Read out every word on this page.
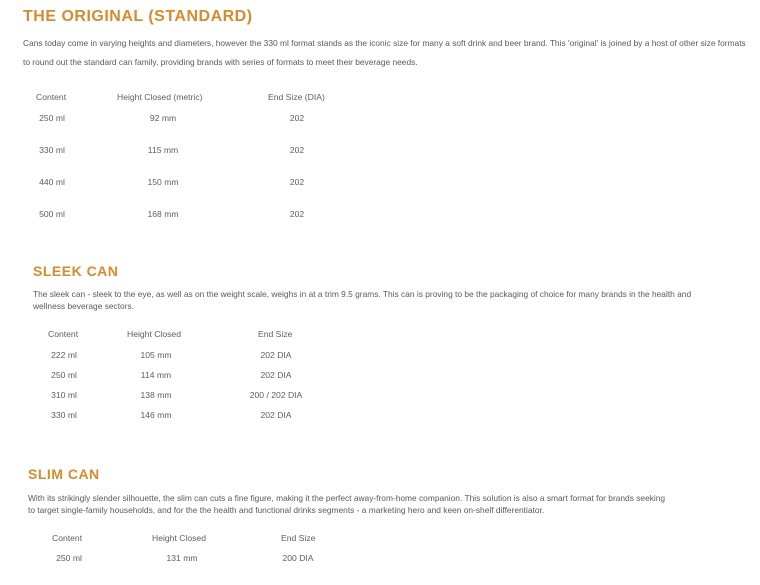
THE ORIGINAL (STANDARD)

Cans today come in varying heights and diameters, however the 330 ml format stands as the iconic size for many a soft drink and beer brand. This 'original' is joined by a host of other size formats

to round out the standard can family, providing brands with series of formats to meet their beverage needs.

Content	Height Closed (metric)	End Size (DIA)
250 ml	92 mm	202
330 ml	115 mm	202
440 ml	150 mm	202
500 ml	168 mm	202
SLEEK CAN

The sleek can - sleek to the eye, as well as on the weight scale, weighs in at a trim 9.5 grams. This can is proving to be the packaging of choice for many brands in the health and
wellness beverage sectors.

Content	Height Closed	End Size
222 ml	105 mm	202 DIA
250 ml	114 mm	202 DIA
310 ml	138 mm	200 / 202 DIA
330 ml	146 mm	202 DIA
SLIM CAN

With its strikingly slender silhouette, the slim can cuts a fine figure, making it the perfect away-from-home companion. This solution is also a smart format for brands seeking
to target single-family households, and for the the health and functional drinks segments - a marketing hero and keen on-shelf differentiator.

Content	Height Closed	End Size
250 ml	131 mm	200 DIA
